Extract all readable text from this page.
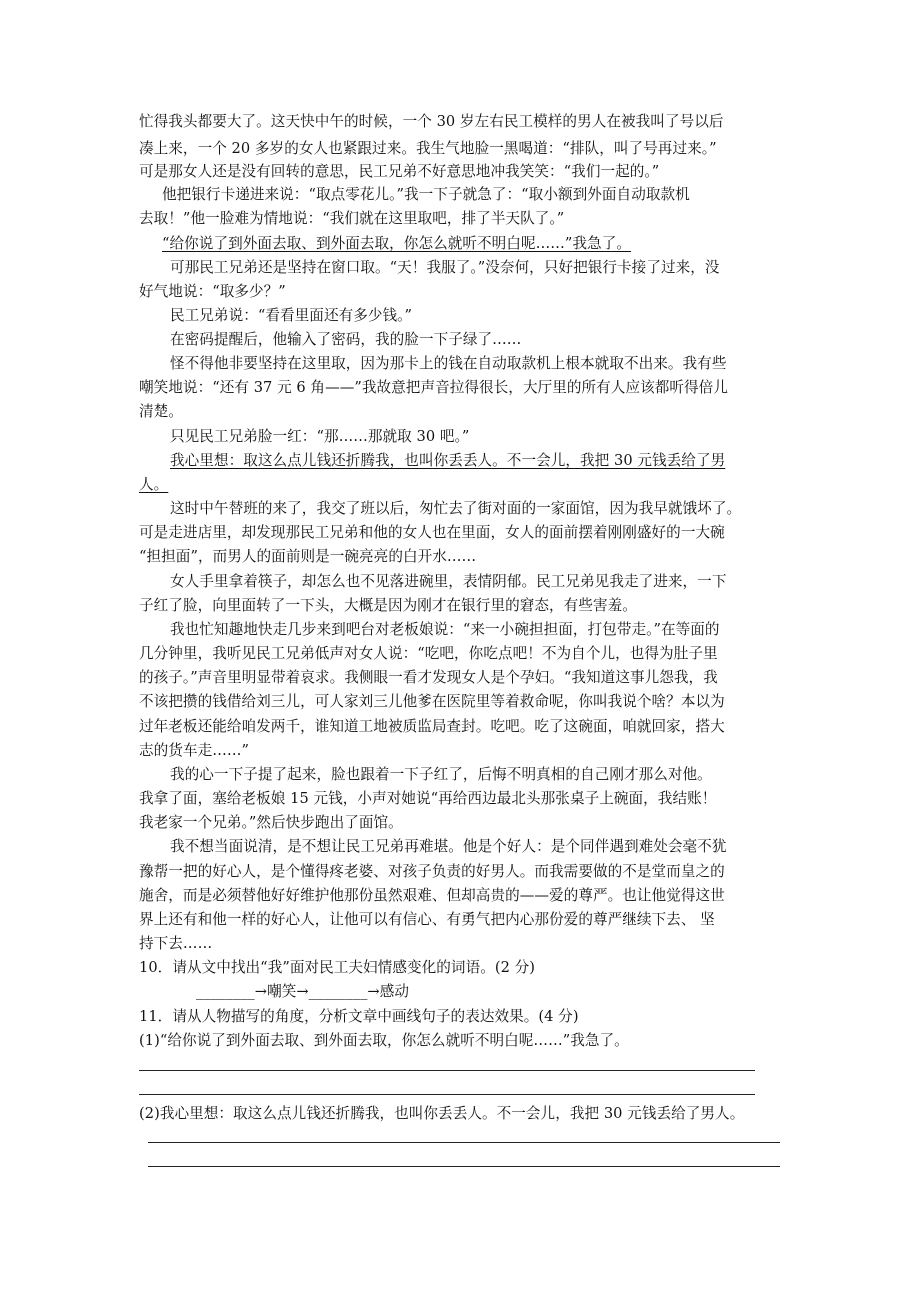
忙得我头都要大了。这天快中午的时候，一个 30 岁左右民工模样的男人在被我叫了号以后
凑上来，一个 20 多岁的女人也紧跟过来。我生气地脸一黑喝道：“排队，叫了号再过来。”
可是那女人还是没有回转的意思，民工兄弟不好意思地冲我笑笑：“我们一起的。”
他把银行卡递进来说：“取点零花儿。”我一下子就急了：“取小额到外面自动取款机
去取！”他一脸难为情地说：“我们就在这里取吧，排了半天队了。”
“给你说了到外面去取、到外面去取，你怎么就听不明白呢……”我急了。
可那民工兄弟还是坚持在窗口取。“天！我服了。”没奈何，只好把银行卡接了过来，没
好气地说：“取多少？”
民工兄弟说：“看看里面还有多少钱。”
在密码提醒后，他输入了密码，我的脸一下子绿了……
怪不得他非要坚持在这里取，因为那卡上的钱在自动取款机上根本就取不出来。我有些
嘲笑地说：“还有 37 元 6 角——”我故意把声音拉得很长，大厅里的所有人应该都听得倍儿
清楚。
只见民工兄弟脸一红：“那……那就取 30 吧。”
我心里想：取这么点儿钱还折腾我，也叫你丢丢人。不一会儿，我把 30 元钱丢给了男
人。
这时中午替班的来了，我交了班以后，匆忙去了街对面的一家面馆，因为我早就饿坏了。
可是走进店里，却发现那民工兄弟和他的女人也在里面，女人的面前摆着刚刚盛好的一大碗
“担担面”，而男人的面前则是一碗亮亮的白开水……
女人手里拿着筷子，却怎么也不见落进碗里，表情阴郁。民工兄弟见我走了进来，一下
子红了脸，向里面转了一下头，大概是因为刚才在银行里的窘态，有些害羞。
我也忙知趣地快走几步来到吧台对老板娘说：“来一小碗担担面，打包带走。”在等面的
几分钟里，我听见民工兄弟低声对女人说：“吃吧，你吃点吧！不为自个儿，也得为肚子里
的孩子。”声音里明显带着哀求。我侧眼一看才发现女人是个孕妇。“我知道这事儿怨我，我
不该把攒的钱借给刘三儿，可人家刘三儿他爹在医院里等着救命呢，你叫我说个啥？本以为
过年老板还能给咱发两千，谁知道工地被质监局查封。吃吧。吃了这碗面，咱就回家，搭大
志的货车走……”
我的心一下子提了起来，脸也跟着一下子红了，后悔不明真相的自己刚才那么对他。
我拿了面，塞给老板娘 15 元钱，小声对她说“再给西边最北头那张桌子上碗面，我结账！
我老家一个兄弟。”然后快步跑出了面馆。
我不想当面说清，是不想让民工兄弟再难堪。他是个好人：是个同伴遇到难处会毫不犹
豫帮一把的好心人，是个懂得疼老婆、对孩子负责的好男人。而我需要做的不是堂而皇之的
施舍，而是必须替他好好维护他那份虽然艰难、但却高贵的——爱的尊严。也让他觉得这世
界上还有和他一样的好心人，让他可以有信心、有勇气把内心那份爱的尊严继续下去、 坚
持下去……
10．请从文中找出“我”面对民工夫妇情感变化的词语。(2 分)
________→嘲笑→________→感动
11．请从人物描写的角度，分析文章中画线句子的表达效果。(4 分)
(1)“给你说了到外面去取、到外面去取，你怎么就听不明白呢……”我急了。
(2)我心里想：取这么点儿钱还折腾我，也叫你丢丢人。不一会儿，我把 30 元钱丢给了男人。
